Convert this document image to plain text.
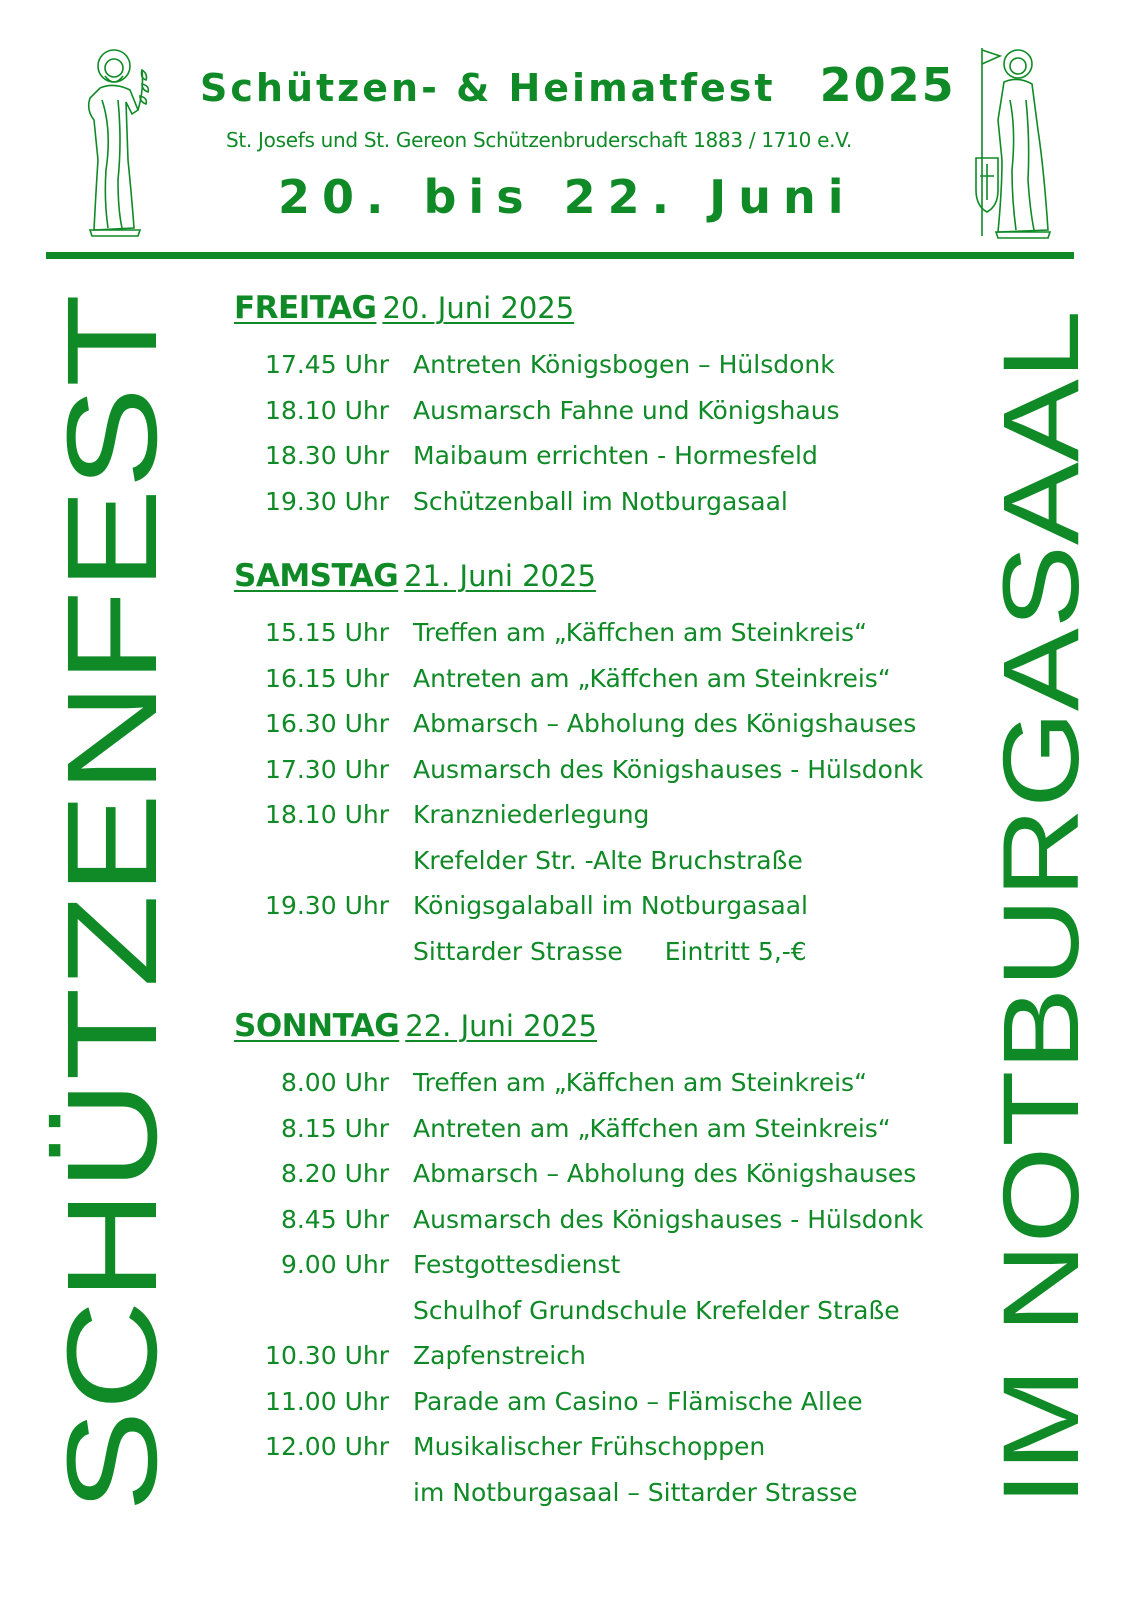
Schützen- & Heimatfest 2025
St. Josefs und St. Gereon Schützenbruderschaft 1883 / 1710 e.V.
20. bis 22. Juni
SCHÜTZENFEST	IM NOTBURGASAAL
FREITAG 20. Juni 2025
17.45 Uhr Antreten Königsbogen – Hülsdonk
18.10 Uhr Ausmarsch Fahne und Königshaus
18.30 Uhr Maibaum errichten - Hormesfeld
19.30 Uhr Schützenball im Notburgasaal
SAMSTAG 21. Juni 2025
15.15 Uhr Treffen am „Käffchen am Steinkreis“
16.15 Uhr Antreten am „Käffchen am Steinkreis“
16.30 Uhr Abmarsch – Abholung des Königshauses
17.30 Uhr Ausmarsch des Königshauses - Hülsdonk
18.10 Uhr Kranzniederlegung
Krefelder Str. -Alte Bruchstraße
19.30 Uhr Königsgalaball im Notburgasaal
Sittarder Strasse Eintritt 5,-€
SONNTAG 22. Juni 2025
8.00 Uhr Treffen am „Käffchen am Steinkreis“
8.15 Uhr Antreten am „Käffchen am Steinkreis“
8.20 Uhr Abmarsch – Abholung des Königshauses
8.45 Uhr Ausmarsch des Königshauses - Hülsdonk
9.00 Uhr Festgottesdienst
Schulhof Grundschule Krefelder Straße
10.30 Uhr Zapfenstreich
11.00 Uhr Parade am Casino – Flämische Allee
12.00 Uhr Musikalischer Frühschoppen
im Notburgasaal – Sittarder Strasse
